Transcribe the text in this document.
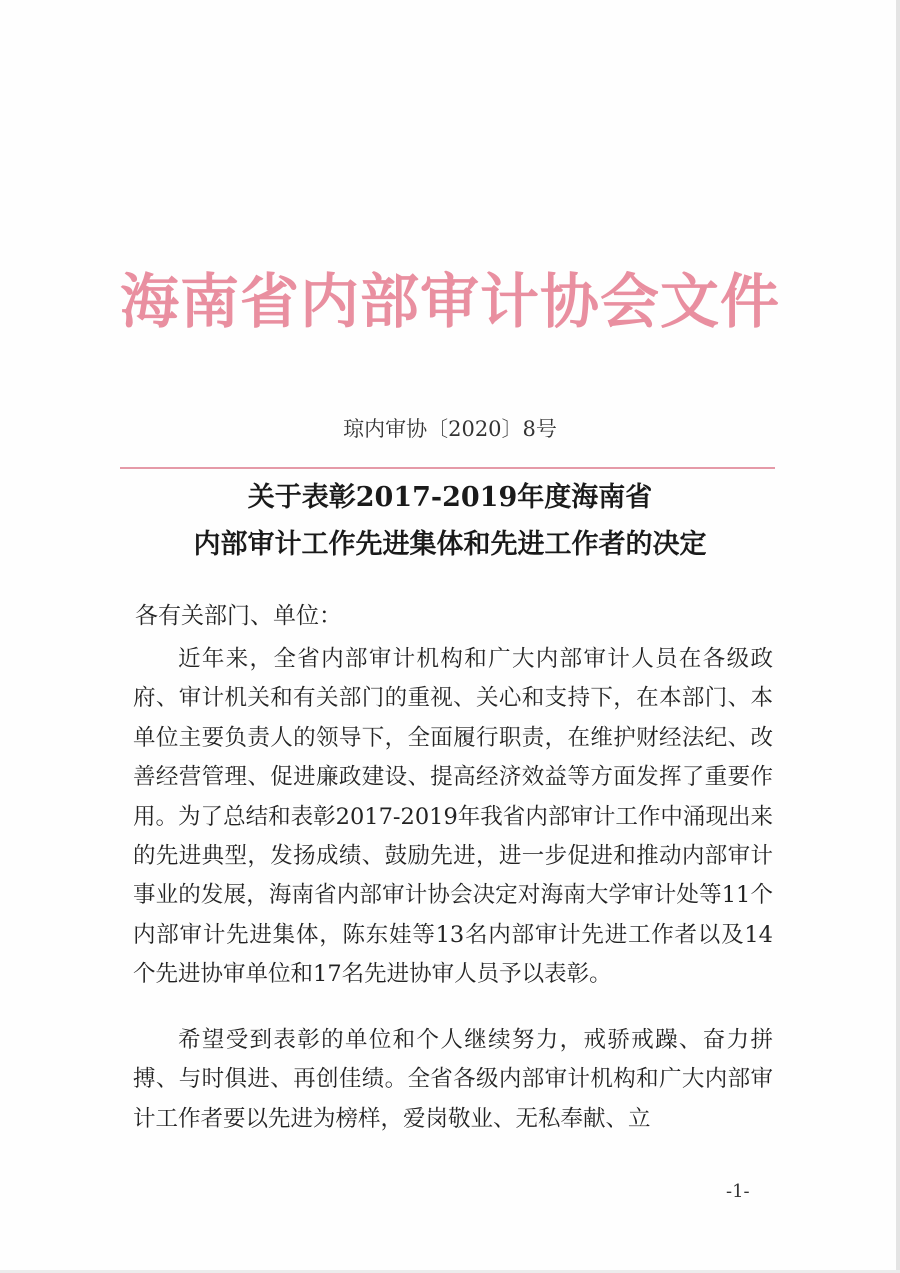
海南省内部审计协会文件
琼内审协〔2020〕8号
关于表彰2017-2019年度海南省
内部审计工作先进集体和先进工作者的决定
各有关部门、单位：
近年来，全省内部审计机构和广大内部审计人员在各级政府、审计机关和有关部门的重视、关心和支持下，在本部门、本单位主要负责人的领导下，全面履行职责，在维护财经法纪、改善经营管理、促进廉政建设、提高经济效益等方面发挥了重要作用。为了总结和表彰2017-2019年我省内部审计工作中涌现出来的先进典型，发扬成绩、鼓励先进，进一步促进和推动内部审计事业的发展，海南省内部审计协会决定对海南大学审计处等11个内部审计先进集体，陈东娃等13名内部审计先进工作者以及14个先进协审单位和17名先进协审人员予以表彰。
希望受到表彰的单位和个人继续努力，戒骄戒躁、奋力拼搏、与时俱进、再创佳绩。全省各级内部审计机构和广大内部审计工作者要以先进为榜样，爱岗敬业、无私奉献、立
-1-
